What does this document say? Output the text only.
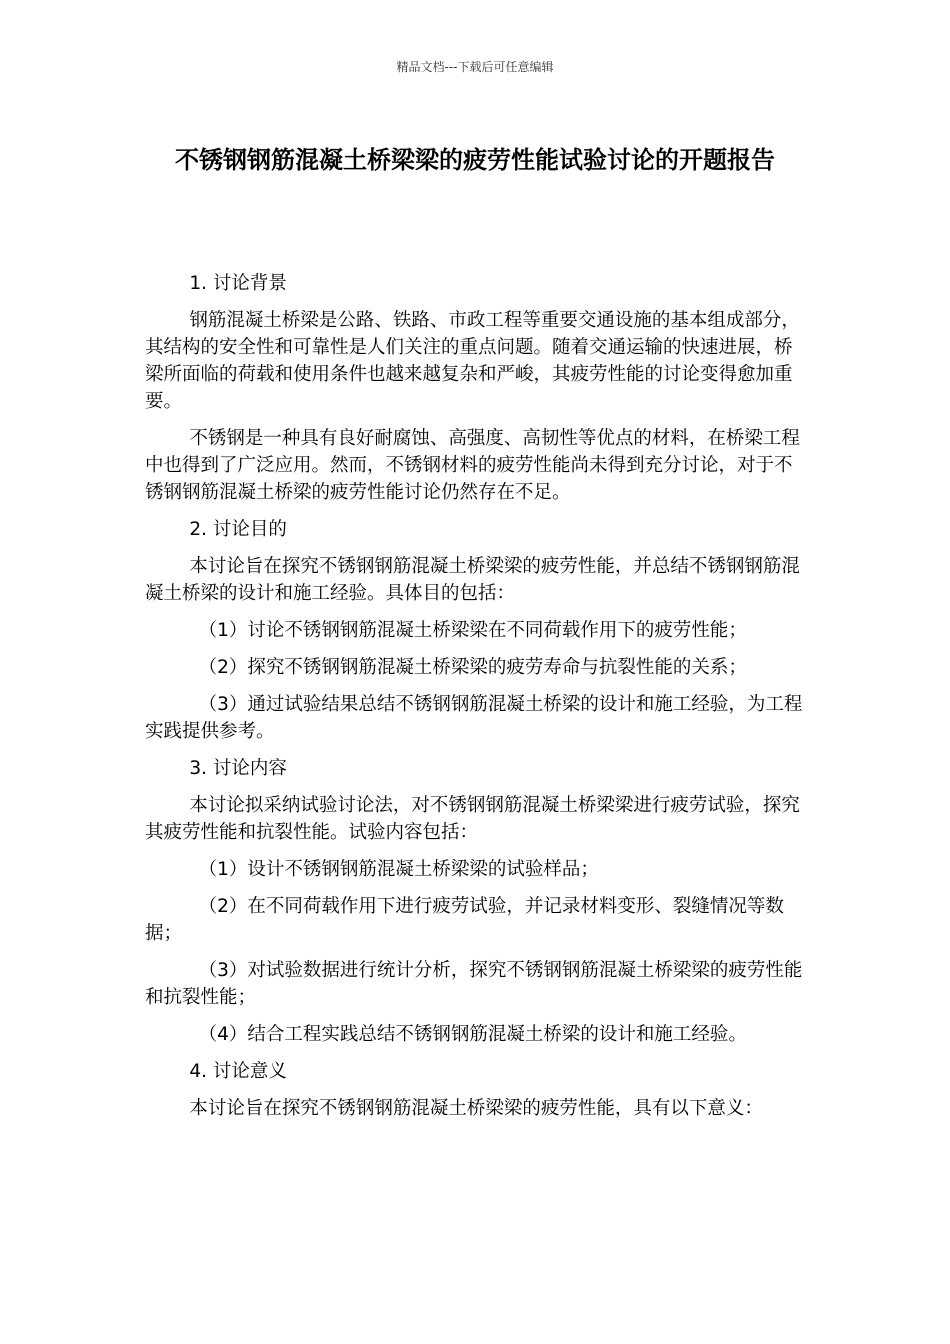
精品文档---下载后可任意编辑
不锈钢钢筋混凝土桥梁梁的疲劳性能试验讨论的开题报告

1. 讨论背景

钢筋混凝土桥梁是公路、铁路、市政工程等重要交通设施的基本组成部分，其结构的安全性和可靠性是人们关注的重点问题。随着交通运输的快速进展，桥梁所面临的荷载和使用条件也越来越复杂和严峻，其疲劳性能的讨论变得愈加重要。

不锈钢是一种具有良好耐腐蚀、高强度、高韧性等优点的材料，在桥梁工程中也得到了广泛应用。然而，不锈钢材料的疲劳性能尚未得到充分讨论，对于不锈钢钢筋混凝土桥梁的疲劳性能讨论仍然存在不足。

2. 讨论目的

本讨论旨在探究不锈钢钢筋混凝土桥梁梁的疲劳性能，并总结不锈钢钢筋混凝土桥梁的设计和施工经验。具体目的包括：

（1）讨论不锈钢钢筋混凝土桥梁梁在不同荷载作用下的疲劳性能；

（2）探究不锈钢钢筋混凝土桥梁梁的疲劳寿命与抗裂性能的关系；

（3）通过试验结果总结不锈钢钢筋混凝土桥梁的设计和施工经验，为工程实践提供参考。

3. 讨论内容

本讨论拟采纳试验讨论法，对不锈钢钢筋混凝土桥梁梁进行疲劳试验，探究其疲劳性能和抗裂性能。试验内容包括：

（1）设计不锈钢钢筋混凝土桥梁梁的试验样品；

（2）在不同荷载作用下进行疲劳试验，并记录材料变形、裂缝情况等数据；

（3）对试验数据进行统计分析，探究不锈钢钢筋混凝土桥梁梁的疲劳性能和抗裂性能；

（4）结合工程实践总结不锈钢钢筋混凝土桥梁的设计和施工经验。

4. 讨论意义

本讨论旨在探究不锈钢钢筋混凝土桥梁梁的疲劳性能，具有以下意义：
